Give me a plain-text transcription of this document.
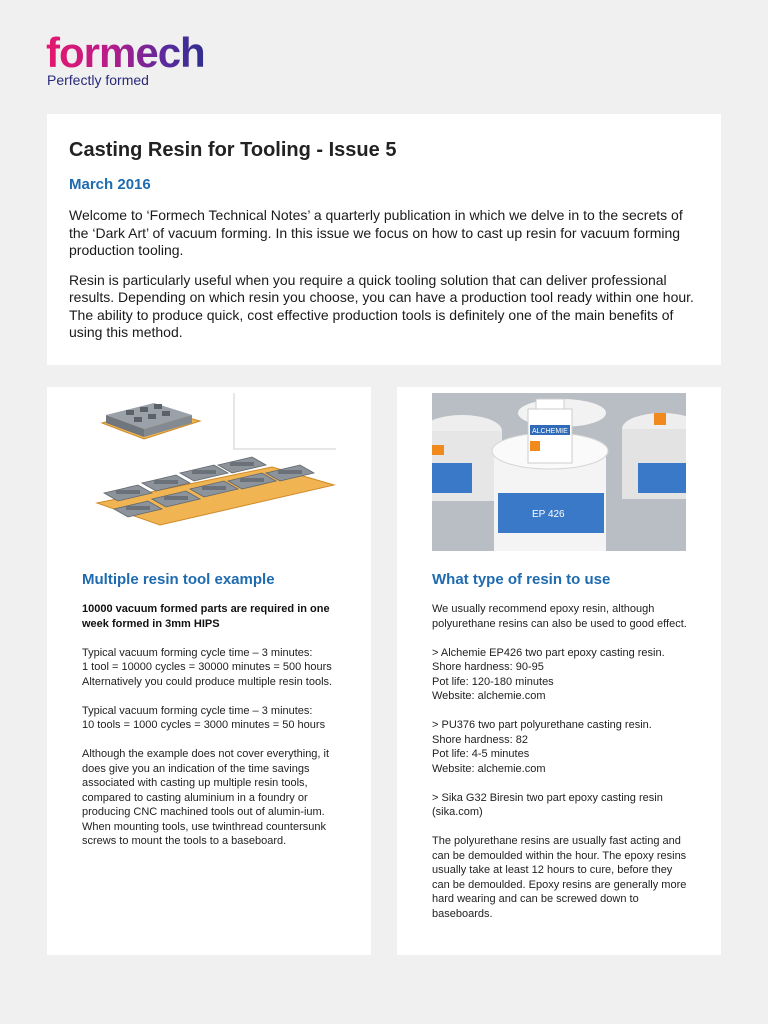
formech
Perfectly formed
Casting Resin for Tooling - Issue 5
March 2016

Welcome to ‘Formech Technical Notes’ a quarterly publication in which we delve in to the secrets of the ‘Dark Art’ of vacuum forming. In this issue we focus on how to cast up resin for vacuum forming production tooling.

Resin is particularly useful when you require a quick tooling solution that can deliver professional results. Depending on which resin you choose, you can have a production tool ready within one hour. The ability to produce quick, cost effective production tools is definitely one of the main benefits of using this method.

Multiple resin tool example
10000 vacuum formed parts are required in one week formed in 3mm HIPS
Typical vacuum forming cycle time – 3 minutes:
1 tool = 10000 cycles = 30000 minutes = 500 hours
Alternatively you could produce multiple resin tools.
Typical vacuum forming cycle time – 3 minutes:
10 tools = 1000 cycles = 3000 minutes = 50 hours
Although the example does not cover everything, it does give you an indication of the time savings associated with casting up multiple resin tools, compared to casting aluminium in a foundry or producing CNC machined tools out of alumin-ium. When mounting tools, use twinthread countersunk screws to mount the tools to a baseboard.
EP 426
ALCHEMIE
What type of resin to use
We usually recommend epoxy resin, although polyurethane resins can also be used to good effect.
> Alchemie EP426 two part epoxy casting resin.
Shore hardness: 90-95
Pot life: 120-180 minutes
Website: alchemie.com
> PU376 two part polyurethane casting resin.
Shore hardness: 82
Pot life: 4-5 minutes
Website: alchemie.com
> Sika G32 Biresin two part epoxy casting resin (sika.com)
The polyurethane resins are usually fast acting and can be demoulded within the hour. The epoxy resins usually take at least 12 hours to cure, before they can be demoulded. Epoxy resins are generally more hard wearing and can be screwed down to baseboards.
